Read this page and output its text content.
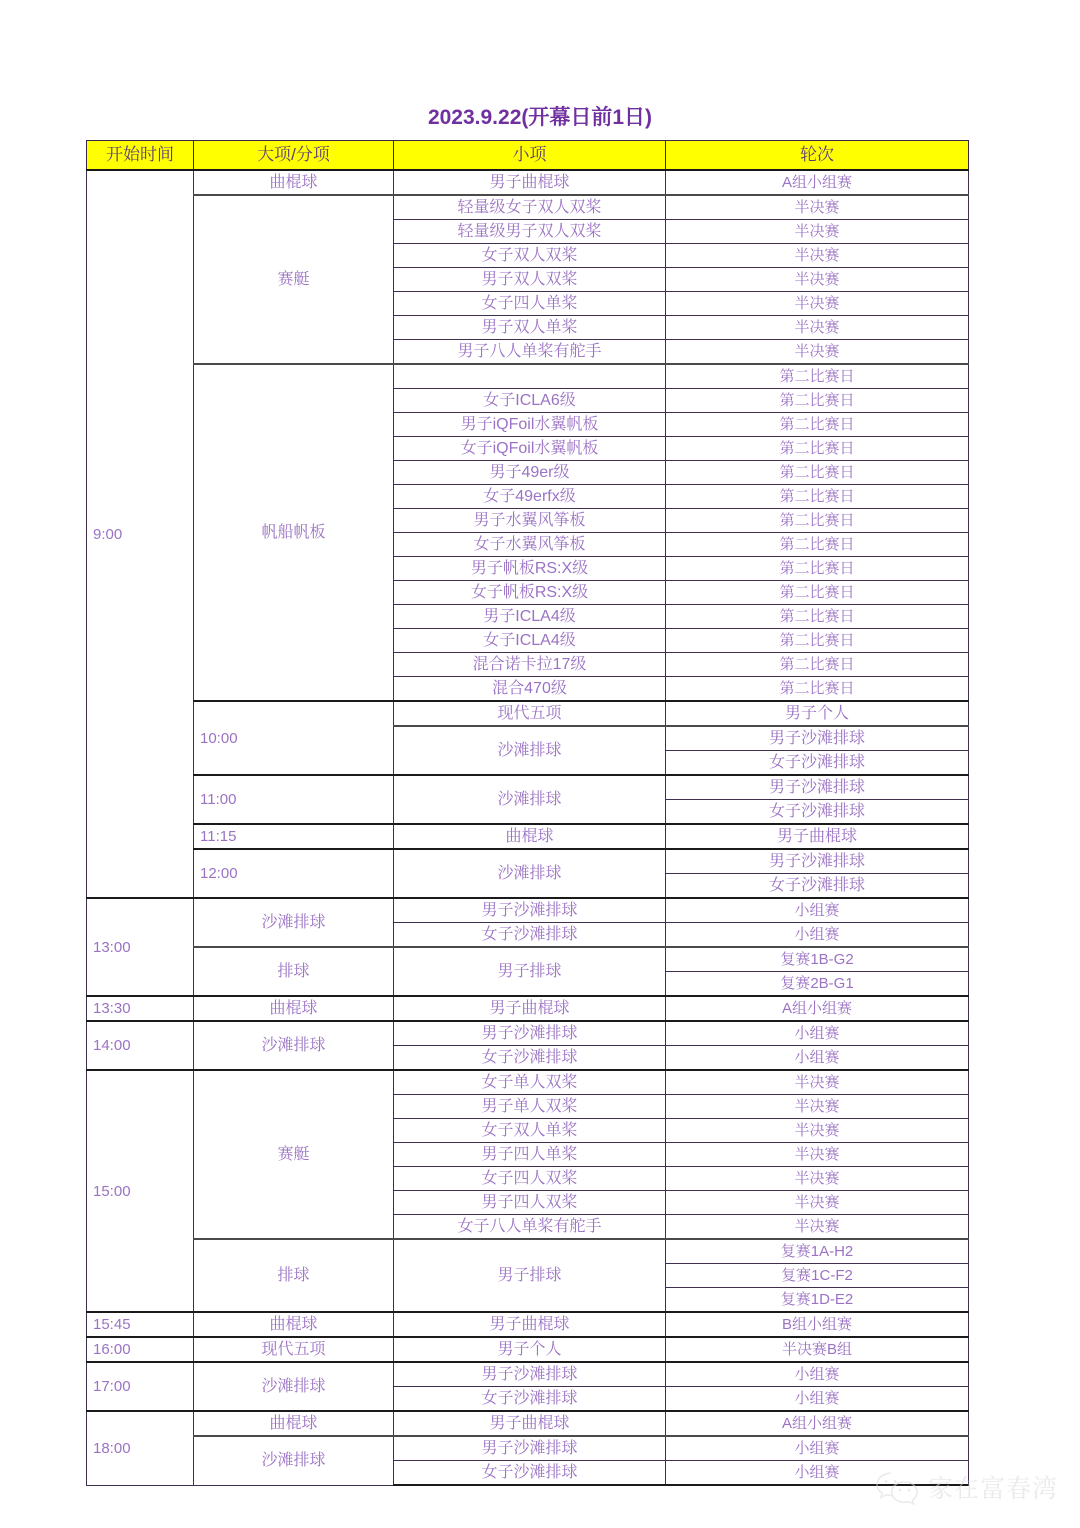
2023.9.22(开幕日前1日)
开始时间	大项/分项	小项	轮次	
9:00	曲棍球	男子曲棍球	A组小组赛	
	赛艇	轻量级女子双人双桨	半决赛	
		轻量级男子双人双桨	半决赛	
		女子双人双桨	半决赛	
		男子双人双桨	半决赛	
		女子四人单桨	半决赛	
		男子双人单桨	半决赛	
		男子八人单桨有舵手	半决赛	
	帆船帆板		第二比赛日	
		女子ICLA6级	第二比赛日	
		男子iQFoil水翼帆板	第二比赛日	
		女子iQFoil水翼帆板	第二比赛日	
		男子49er级	第二比赛日	
		女子49erfx级	第二比赛日	
		男子水翼风筝板	第二比赛日	
		女子水翼风筝板	第二比赛日	
		男子帆板RS:X级	第二比赛日	
		女子帆板RS:X级	第二比赛日	
		男子ICLA4级	第二比赛日	
		女子ICLA4级	第二比赛日	
		混合诺卡拉17级	第二比赛日	
		混合470级	第二比赛日	
	10:00	现代五项	男子个人	
		沙滩排球	男子沙滩排球	
			女子沙滩排球	
	11:00	沙滩排球	男子沙滩排球	
			女子沙滩排球	
	11:15	曲棍球	男子曲棍球	
	12:00	沙滩排球	男子沙滩排球	
			女子沙滩排球	
13:00	沙滩排球	男子沙滩排球	小组赛	
		女子沙滩排球	小组赛	
	排球	男子排球	复赛1B-G2	
			复赛2B-G1	
13:30	曲棍球	男子曲棍球	A组小组赛	
14:00	沙滩排球	男子沙滩排球	小组赛	
		女子沙滩排球	小组赛	
15:00	赛艇	女子单人双桨	半决赛	
		男子单人双桨	半决赛	
		女子双人单桨	半决赛	
		男子四人单桨	半决赛	
		女子四人双桨	半决赛	
		男子四人双桨	半决赛	
		女子八人单桨有舵手	半决赛	
	排球	男子排球	复赛1A-H2	
			复赛1C-F2	
			复赛1D-E2	
15:45	曲棍球	男子曲棍球	B组小组赛	
16:00	现代五项	男子个人	半决赛B组	
17:00	沙滩排球	男子沙滩排球	小组赛	
		女子沙滩排球	小组赛	
18:00	曲棍球	男子曲棍球	A组小组赛	
	沙滩排球	男子沙滩排球	小组赛	
		女子沙滩排球	小组赛	
家在富春湾
